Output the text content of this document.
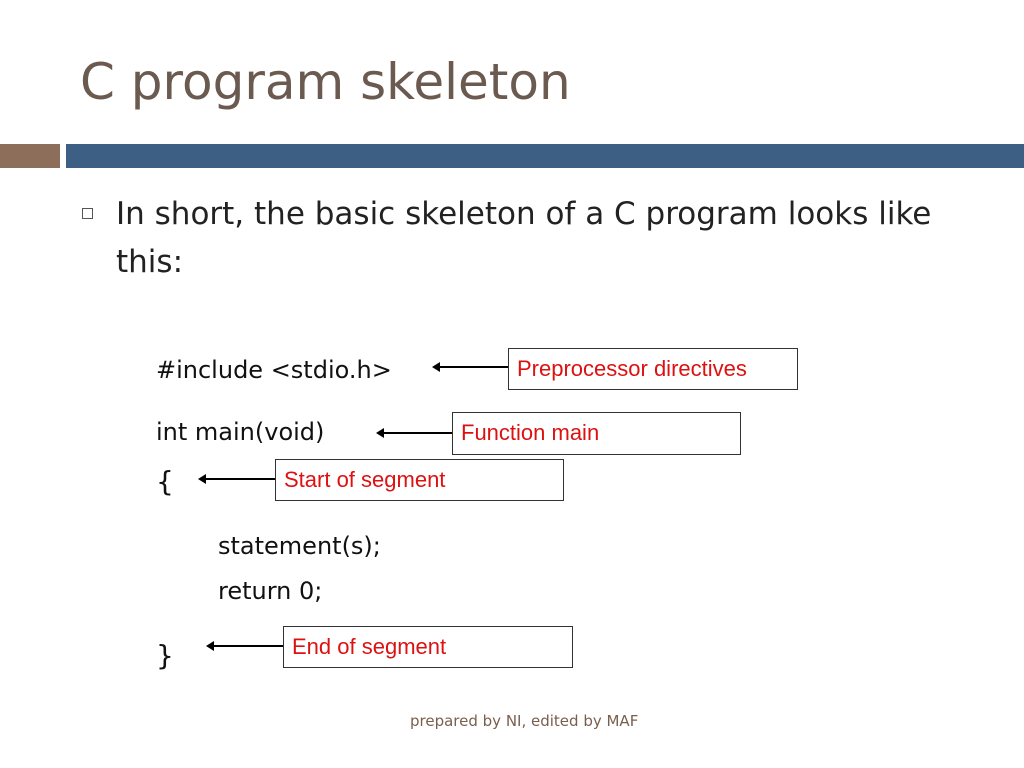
C program skeleton
In short, the basic skeleton of a C program looks like this:
#include <stdio.h>
int main(void)
{
statement(s);
return 0;
}
Preprocessor directives
Function main
Start of segment
End of segment
prepared by NI, edited by MAF
